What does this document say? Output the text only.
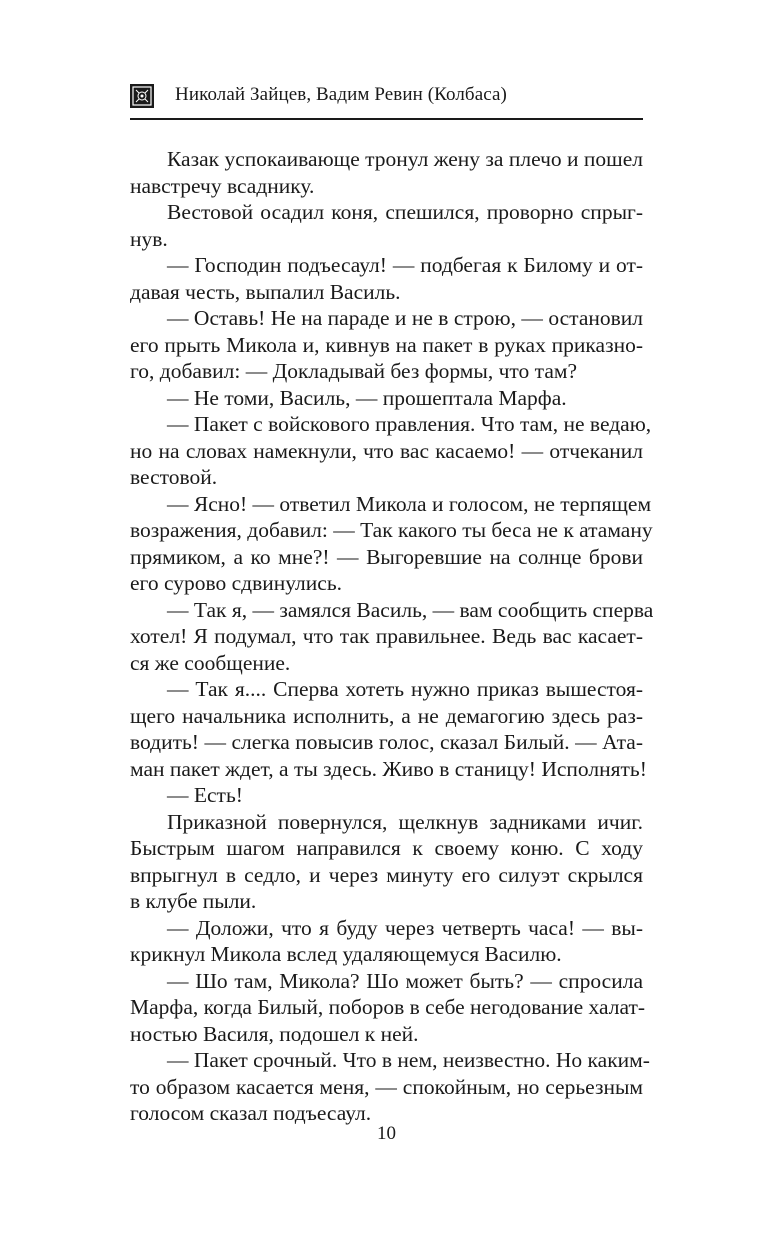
Николай Зайцев, Вадим Ревин (Колбаса)
Казак успокаивающе тронул жену за плечо и пошел
навстречу всаднику.
Вестовой осадил коня, спешился, проворно спрыг-
нув.
— Господин подъесаул! — подбегая к Билому и от-
давая честь, выпалил Василь.
— Оставь! Не на параде и не в строю, — остановил
его прыть Микола и, кивнув на пакет в руках приказно-
го, добавил: — Докладывай без формы, что там?
— Не томи, Василь, — прошептала Марфа.
— Пакет с войскового правления. Что там, не ведаю,
но на словах намекнули, что вас касаемо! — отчеканил
вестовой.
— Ясно! — ответил Микола и голосом, не терпящем
возражения, добавил: — Так какого ты беса не к атаману
прямиком, а ко мне?! — Выгоревшие на солнце брови
его сурово сдвинулись.
— Так я, — замялся Василь, — вам сообщить сперва
хотел! Я подумал, что так правильнее. Ведь вас касает-
ся же сообщение.
— Так я.... Сперва хотеть нужно приказ вышестоя-
щего начальника исполнить, а не демагогию здесь раз-
водить! — слегка повысив голос, сказал Билый. — Ата-
ман пакет ждет, а ты здесь. Живо в станицу! Исполнять!
— Есть!
Приказной повернулся, щелкнув задниками ичиг.
Быстрым шагом направился к своему коню. С ходу
впрыгнул в седло, и через минуту его силуэт скрылся
в клубе пыли.
— Доложи, что я буду через четверть часа! — вы-
крикнул Микола вслед удаляющемуся Василю.
— Шо там, Микола? Шо может быть? — спросила
Марфа, когда Билый, поборов в себе негодование халат-
ностью Василя, подошел к ней.
— Пакет срочный. Что в нем, неизвестно. Но каким-
то образом касается меня, — спокойным, но серьезным
голосом сказал подъесаул.
10
